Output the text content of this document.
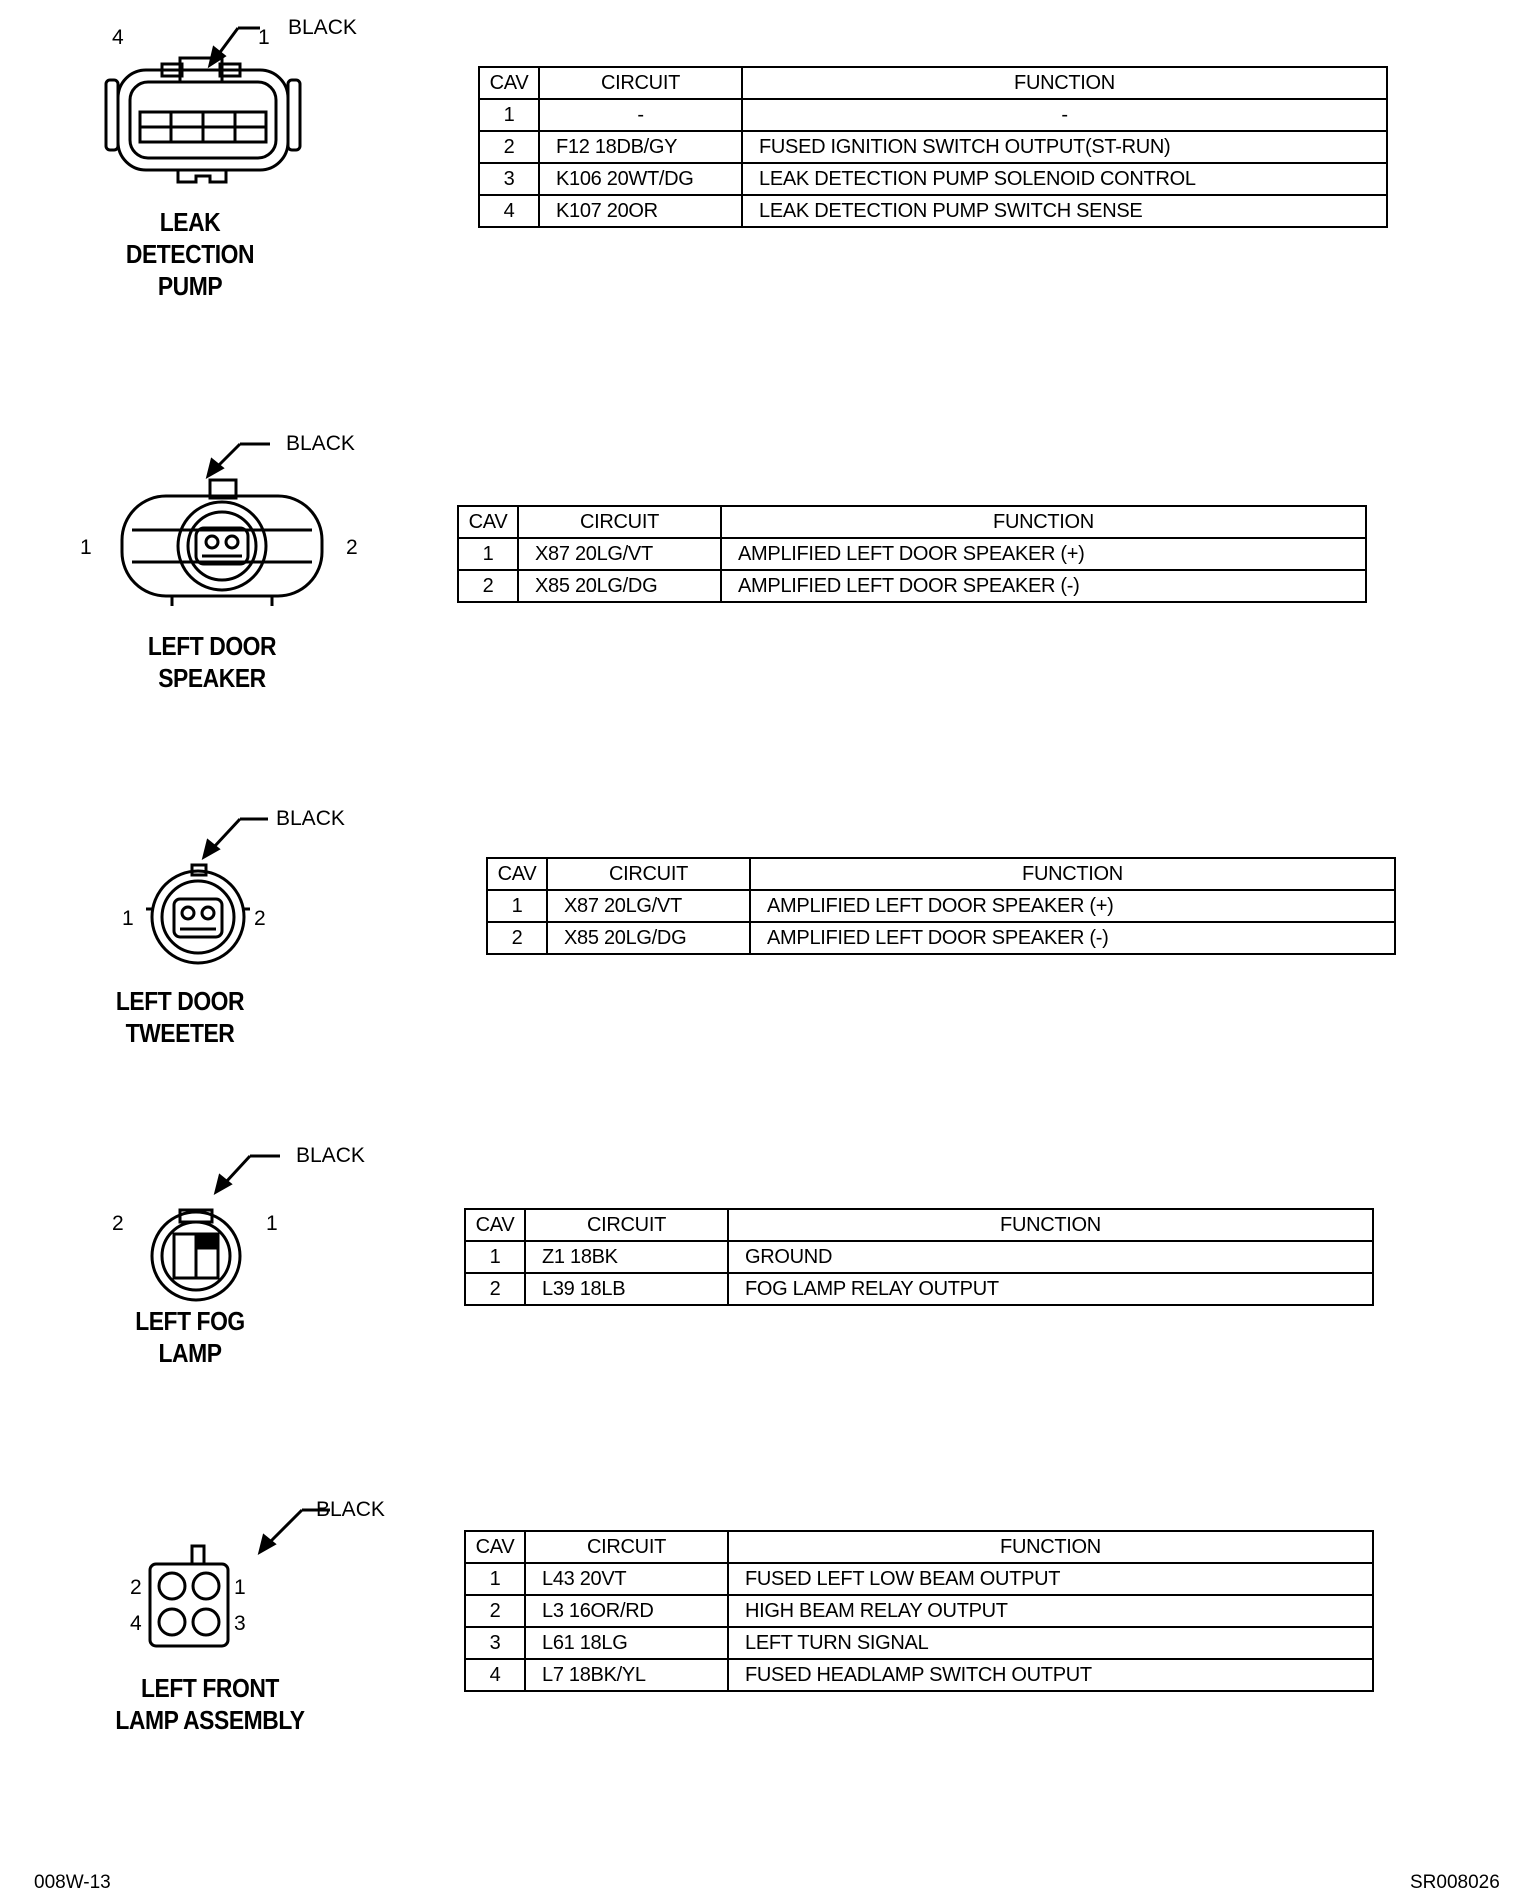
4	1 BLACK
LEAK
DETECTION
PUMP
CAV	CIRCUIT	FUNCTION
1	-	-
2	F12 18DB/GY	FUSED IGNITION SWITCH OUTPUT(ST-RUN)
3	K106 20WT/DG	LEAK DETECTION PUMP SOLENOID CONTROL
4	K107 20OR	LEAK DETECTION PUMP SWITCH SENSE
1	2
BLACK
LEFT DOOR
SPEAKER
CAV	CIRCUIT	FUNCTION
1	X87 20LG/VT	AMPLIFIED LEFT DOOR SPEAKER (+)
2	X85 20LG/DG	AMPLIFIED LEFT DOOR SPEAKER (-)
1	2
BLACK
LEFT DOOR
TWEETER
CAV	CIRCUIT	FUNCTION
1	X87 20LG/VT	AMPLIFIED LEFT DOOR SPEAKER (+)
2	X85 20LG/DG	AMPLIFIED LEFT DOOR SPEAKER (-)
2	1
BLACK
LEFT FOG
LAMP
CAV	CIRCUIT	FUNCTION
1	Z1 18BK	GROUND
2	L39 18LB	FOG LAMP RELAY OUTPUT
2	1
4	3
BLACK
LEFT FRONT
LAMP ASSEMBLY
CAV	CIRCUIT	FUNCTION
1	L43 20VT	FUSED LEFT LOW BEAM OUTPUT
2	L3 16OR/RD	HIGH BEAM RELAY OUTPUT
3	L61 18LG	LEFT TURN SIGNAL
4	L7 18BK/YL	FUSED HEADLAMP SWITCH OUTPUT
008W-13	SR008026
